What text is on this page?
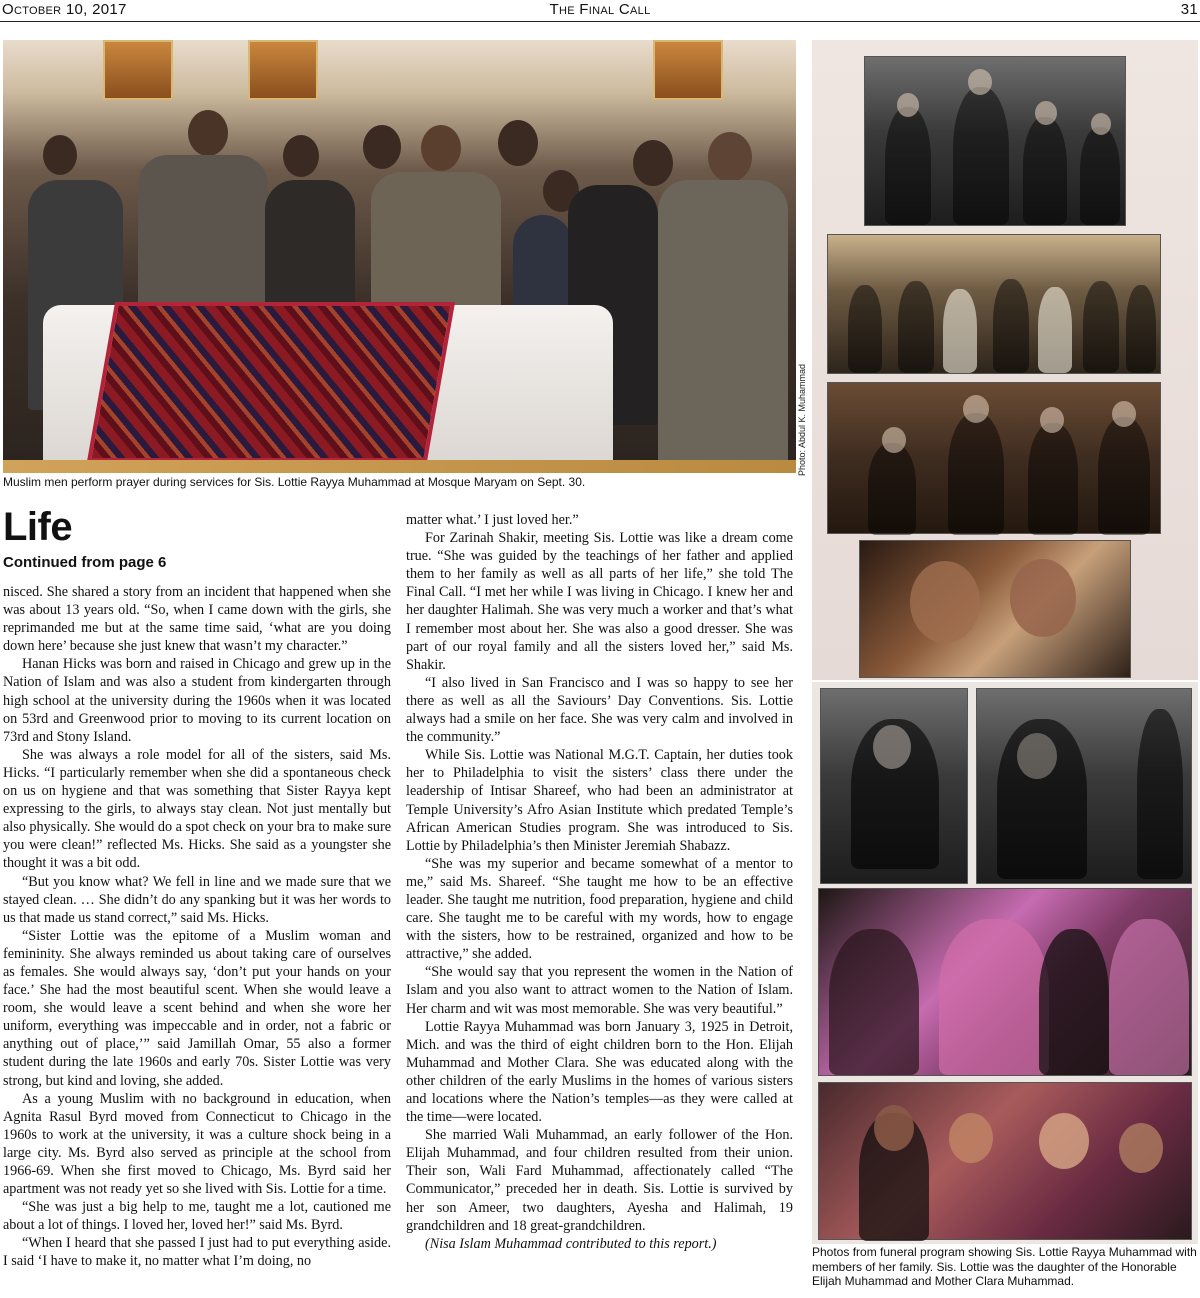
October 10, 2017	The Final Call	31
Photo: Abdul K. Muhammad
Muslim men perform prayer during services for Sis. Lottie Rayya Muhammad at Mosque Maryam on Sept. 30.
Life
Continued from page 6

nisced. She shared a story from an incident that happened when she was about 13 years old. “So, when I came down with the girls, she reprimanded me but at the same time said, ‘what are you doing down here’ because she just knew that wasn’t my character.”

Hanan Hicks was born and raised in Chicago and grew up in the Nation of Islam and was also a student from kindergarten through high school at the university during the 1960s when it was located on 53rd and Greenwood prior to moving to its current location on 73rd and Stony Island.

She was always a role model for all of the sisters, said Ms. Hicks. “I particularly remember when she did a spontaneous check on us on hygiene and that was something that Sister Rayya kept expressing to the girls, to always stay clean. Not just mentally but also physically. She would do a spot check on your bra to make sure you were clean!” reflected Ms. Hicks. She said as a youngster she thought it was a bit odd.

“But you know what? We fell in line and we made sure that we stayed clean. … She didn’t do any spanking but it was her words to us that made us stand correct,” said Ms. Hicks.

“Sister Lottie was the epitome of a Muslim woman and femininity. She always reminded us about taking care of ourselves as females. She would always say, ‘don’t put your hands on your face.’ She had the most beautiful scent. When she would leave a room, she would leave a scent behind and when she wore her uniform, everything was impeccable and in order, not a fabric or anything out of place,’” said Jamillah Omar, 55 also a former student during the late 1960s and early 70s. Sister Lottie was very strong, but kind and loving, she added.

As a young Muslim with no background in education, when Agnita Rasul Byrd moved from Connecticut to Chicago in the 1960s to work at the university, it was a culture shock being in a large city. Ms. Byrd also served as principle at the school from 1966-69. When she first moved to Chicago, Ms. Byrd said her apartment was not ready yet so she lived with Sis. Lottie for a time.

“She was just a big help to me, taught me a lot, cautioned me about a lot of things. I loved her, loved her!” said Ms. Byrd.

“When I heard that she passed I just had to put everything aside. I said ‘I have to make it, no matter what I’m doing, no

matter what.’ I just loved her.”

For Zarinah Shakir, meeting Sis. Lottie was like a dream come true. “She was guided by the teachings of her father and applied them to her family as well as all parts of her life,” she told The Final Call. “I met her while I was living in Chicago. I knew her and her daughter Halimah. She was very much a worker and that’s what I remember most about her. She was also a good dresser. She was part of our royal family and all the sisters loved her,” said Ms. Shakir.

“I also lived in San Francisco and I was so happy to see her there as well as all the Saviours’ Day Conventions. Sis. Lottie always had a smile on her face. She was very calm and involved in the community.”

While Sis. Lottie was National M.G.T. Captain, her duties took her to Philadelphia to visit the sisters’ class there under the leadership of Intisar Shareef, who had been an administrator at Temple University’s Afro Asian Institute which predated Temple’s African American Studies program. She was introduced to Sis. Lottie by Philadelphia’s then Minister Jeremiah Shabazz.

“She was my superior and became somewhat of a mentor to me,” said Ms. Shareef. “She taught me how to be an effective leader. She taught me nutrition, food preparation, hygiene and child care. She taught me to be careful with my words, how to engage with the sisters, how to be restrained, organized and how to be attractive,” she added.

“She would say that you represent the women in the Nation of Islam and you also want to attract women to the Nation of Islam. Her charm and wit was most memorable. She was very beautiful.”

Lottie Rayya Muhammad was born January 3, 1925 in Detroit, Mich. and was the third of eight children born to the Hon. Elijah Muhammad and Mother Clara. She was educated along with the other children of the early Muslims in the homes of various sisters and locations where the Nation’s temples—as they were called at the time—were located.

She married Wali Muhammad, an early follower of the Hon. Elijah Muhammad, and four children resulted from their union. Their son, Wali Fard Muhammad, affectionately called “The Communicator,” preceded her in death. Sis. Lottie is survived by her son Ameer, two daughters, Ayesha and Halimah, 19 grandchildren and 18 great-grandchildren.

(Nisa Islam Muhammad contributed to this report.)

Photos from funeral program showing Sis. Lottie Rayya Muhammad with members of her family. Sis. Lottie was the daughter of the Honorable Elijah Muhammad and Mother Clara Muhammad.
